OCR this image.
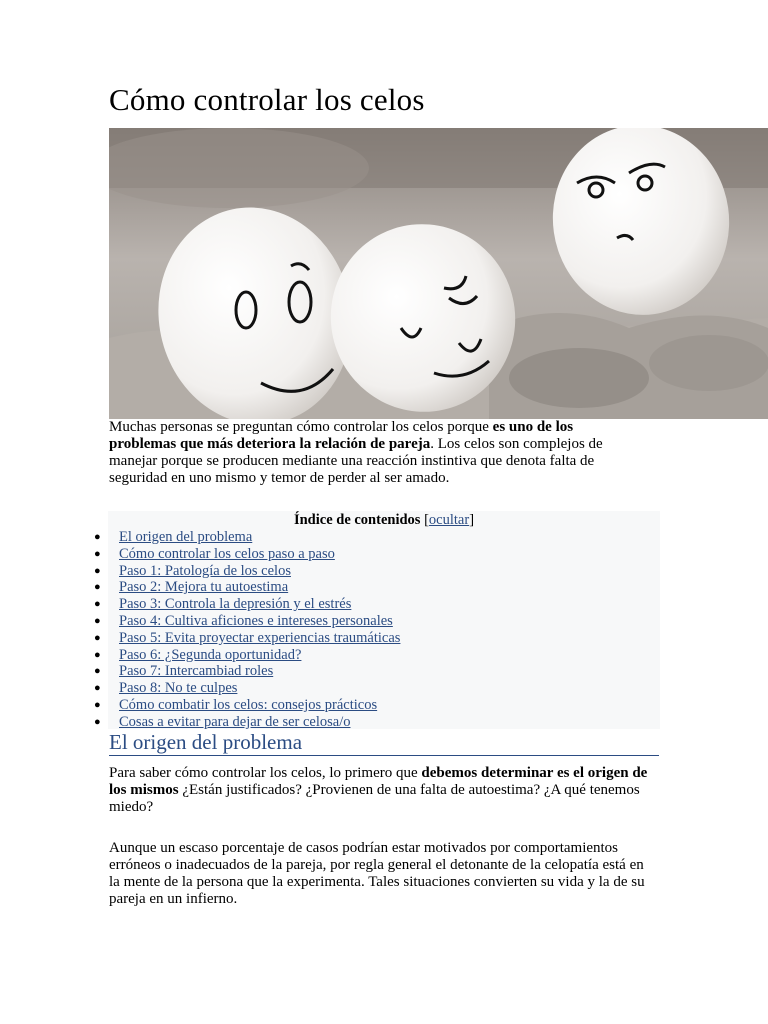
Cómo controlar los celos

Muchas personas se preguntan cómo controlar los celos porque es uno de los problemas que más deteriora la relación de pareja. Los celos son complejos de manejar porque se producen mediante una reacción instintiva que denota falta de seguridad en uno mismo y temor de perder al ser amado.

Índice de contenidos [ocultar]
● El origen del problema
● Cómo controlar los celos paso a paso
● Paso 1: Patología de los celos
● Paso 2: Mejora tu autoestima
● Paso 3: Controla la depresión y el estrés
● Paso 4: Cultiva aficiones e intereses personales
● Paso 5: Evita proyectar experiencias traumáticas
● Paso 6: ¿Segunda oportunidad?
● Paso 7: Intercambiad roles
● Paso 8: No te culpes
● Cómo combatir los celos: consejos prácticos
● Cosas a evitar para dejar de ser celosa/o
El origen del problema

Para saber cómo controlar los celos, lo primero que debemos determinar es el origen de los mismos ¿Están justificados? ¿Provienen de una falta de autoestima? ¿A qué tenemos miedo?

Aunque un escaso porcentaje de casos podrían estar motivados por comportamientos erróneos o inadecuados de la pareja, por regla general el detonante de la celopatía está en la mente de la persona que la experimenta. Tales situaciones convierten su vida y la de su pareja en un infierno.
